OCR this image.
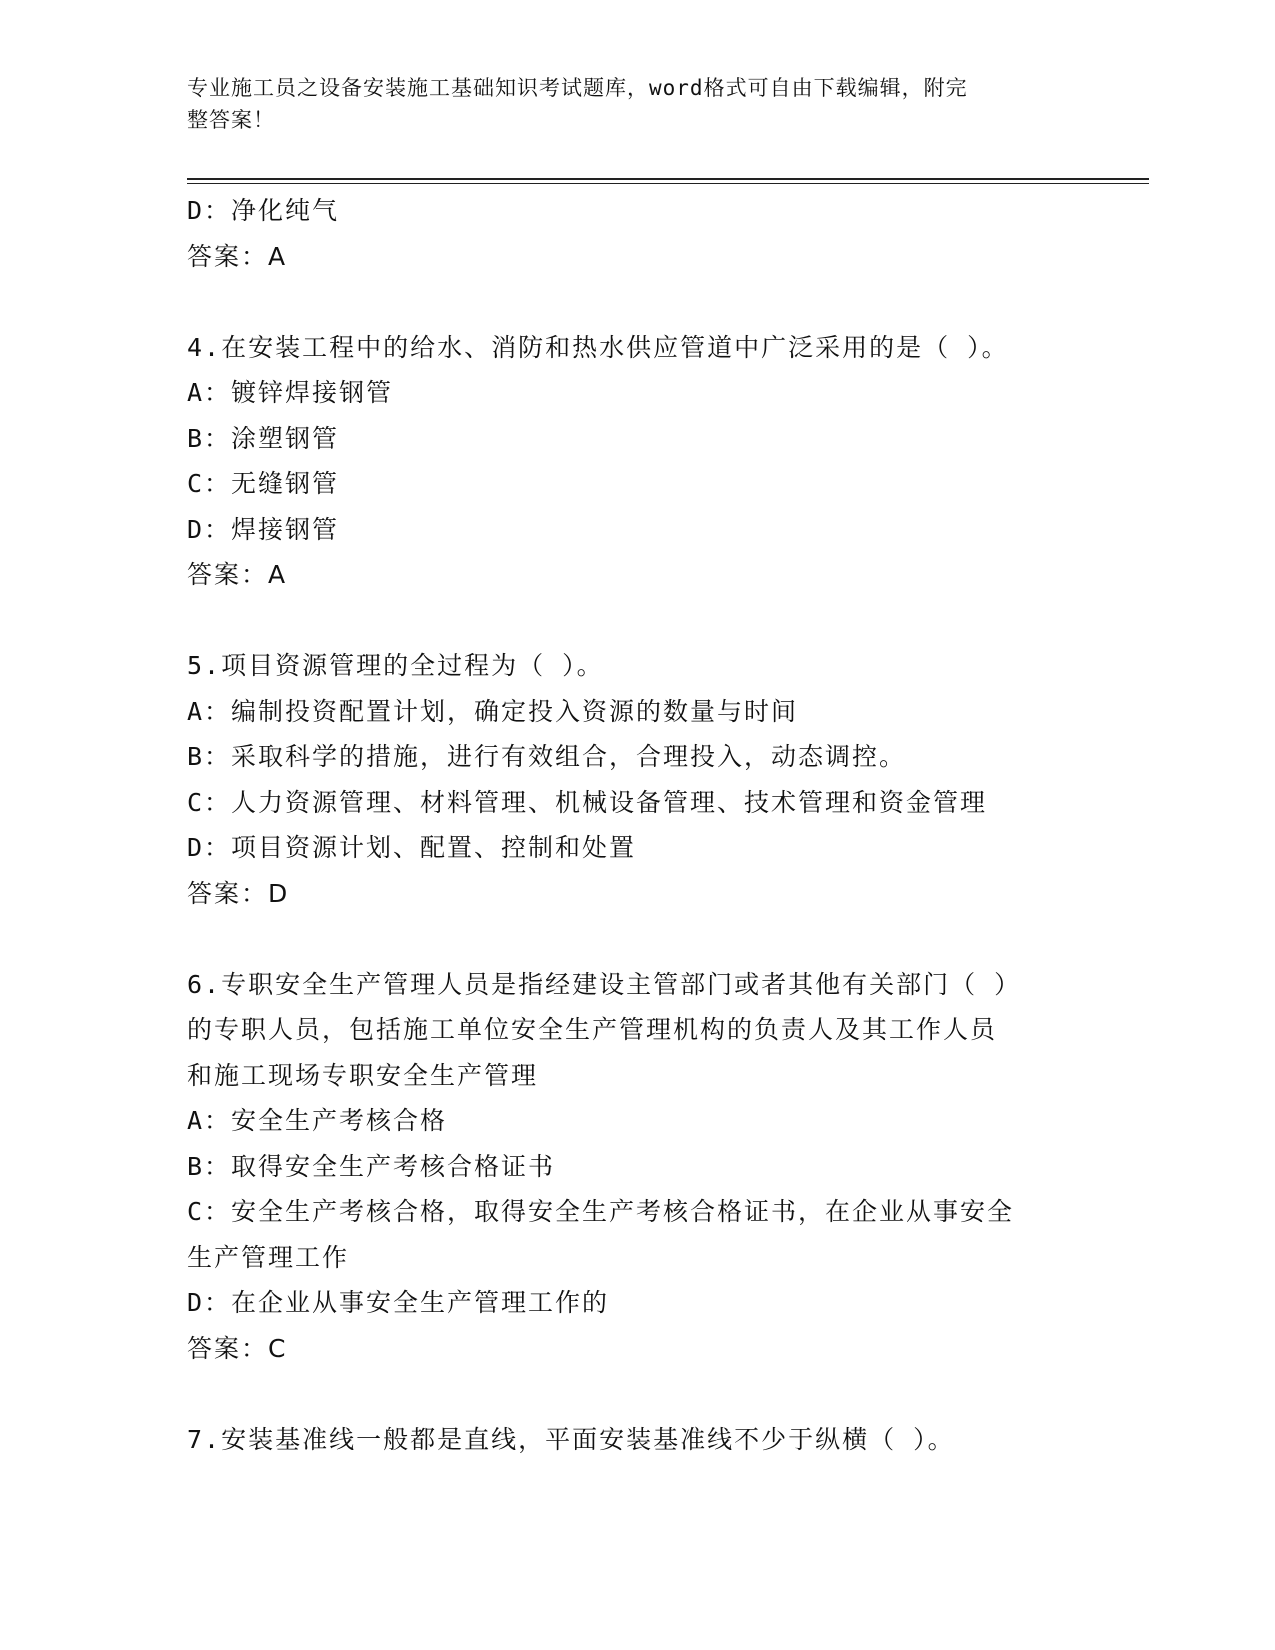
专业施工员之设备安装施工基础知识考试题库，word格式可自由下载编辑，附完
整答案！
D：净化纯气
答案：A
4.在安装工程中的给水、消防和热水供应管道中广泛采用的是（ ）。
A：镀锌焊接钢管
B：涂塑钢管
C：无缝钢管
D：焊接钢管
答案：A
5.项目资源管理的全过程为（ ）。
A：编制投资配置计划，确定投入资源的数量与时间
B：采取科学的措施，进行有效组合，合理投入，动态调控。
C：人力资源管理、材料管理、机械设备管理、技术管理和资金管理
D：项目资源计划、配置、控制和处置
答案：D
6.专职安全生产管理人员是指经建设主管部门或者其他有关部门（ ）
的专职人员，包括施工单位安全生产管理机构的负责人及其工作人员
和施工现场专职安全生产管理
A：安全生产考核合格
B：取得安全生产考核合格证书
C：安全生产考核合格，取得安全生产考核合格证书，在企业从事安全
生产管理工作
D：在企业从事安全生产管理工作的
答案：C
7.安装基准线一般都是直线，平面安装基准线不少于纵横（ ）。
